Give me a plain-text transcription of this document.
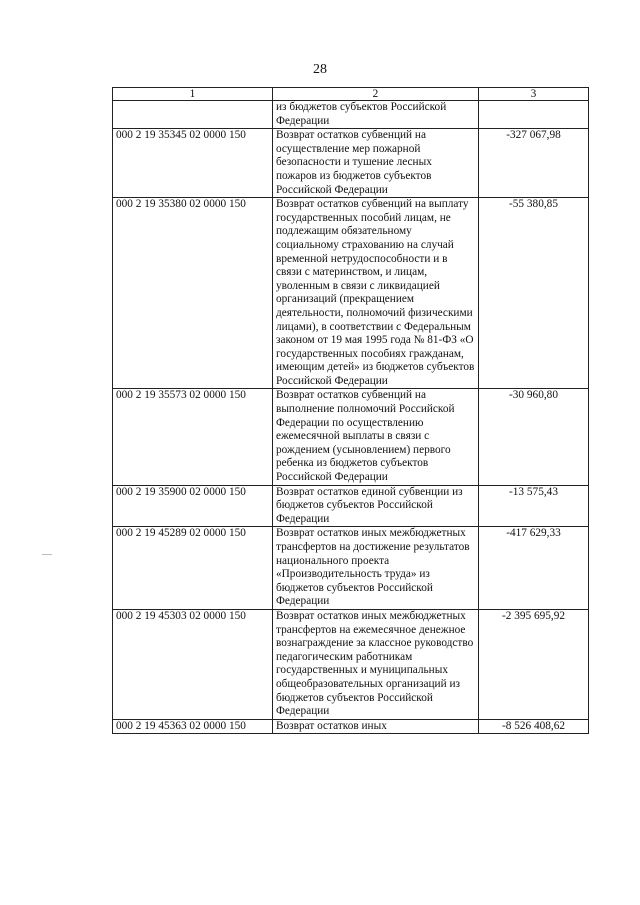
28
1	2	3
	из бюджетов субъектов Российской Федерации	
000 2 19 35345 02 0000 150	Возврат остатков субвенций на осуществление мер пожарной безопасности и тушение лесных пожаров из бюджетов субъектов Российской Федерации	-327 067,98
000 2 19 35380 02 0000 150	Возврат остатков субвенций на выплату государственных пособий лицам, не подлежащим обязательному социальному страхованию на случай временной нетрудоспособности и в связи с материнством, и лицам, уволенным в связи с ликвидацией организаций (прекращением деятельности, полномочий физическими лицами), в соответствии с Федеральным законом от 19 мая 1995 года № 81-ФЗ «О государственных пособиях гражданам, имеющим детей» из бюджетов субъектов Российской Федерации	-55 380,85
000 2 19 35573 02 0000 150	Возврат остатков субвенций на выполнение полномочий Российской Федерации по осуществлению ежемесячной выплаты в связи с рождением (усыновлением) первого ребенка из бюджетов субъектов Российской Федерации	-30 960,80
000 2 19 35900 02 0000 150	Возврат остатков единой субвенции из бюджетов субъектов Российской Федерации	-13 575,43
000 2 19 45289 02 0000 150	Возврат остатков иных межбюджетных трансфертов на достижение результатов национального проекта «Производительность труда» из бюджетов субъектов Российской Федерации	-417 629,33
000 2 19 45303 02 0000 150	Возврат остатков иных межбюджетных трансфертов на ежемесячное денежное вознаграждение за классное руководство педагогическим работникам государственных и муниципальных общеобразовательных организаций из бюджетов субъектов Российской Федерации	-2 395 695,92
000 2 19 45363 02 0000 150	Возврат остатков иных	-8 526 408,62
